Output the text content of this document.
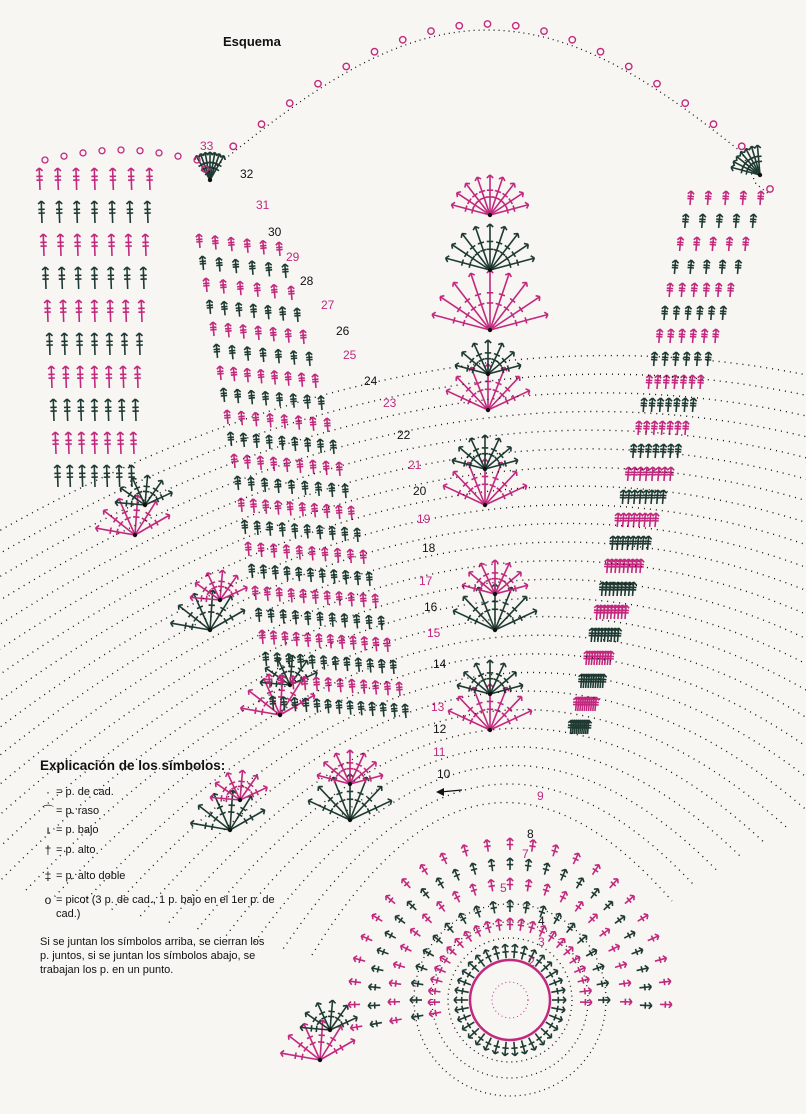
2
3
4
5
7
8
9
10
11
12
13
14
15
16
17
18
19
20
21
22
23
24
25
26
27
28
29
30
31
32
33
Esquema
Explicación de los símbolos:
· = p. de cad.
⌒ = p. raso
ı = p. bajo
† = p. alto
‡ = p. alto doble
o = picot (3 p. de cad., 1 p. bajo en el 1er p. de cad.)
Si se juntan los símbolos arriba, se cierran los p. juntos, si se juntan los símbolos abajo, se trabajan los p. en un punto.
